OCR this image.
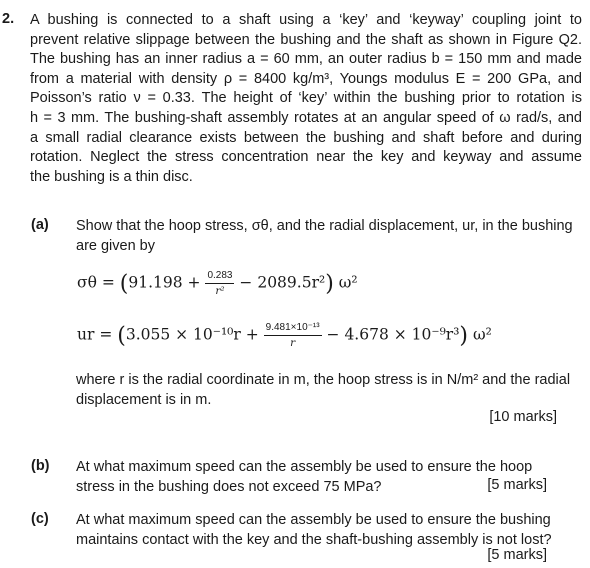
2. A bushing is connected to a shaft using a ‘key’ and ‘keyway’ coupling joint to
prevent relative slippage between the bushing and the shaft as shown in Figure Q2.
The bushing has an inner radius a = 60 mm, an outer radius b = 150 mm and made
from a material with density ρ = 8400 kg/m³, Youngs modulus E = 200 GPa, and
Poisson’s ratio ν = 0.33. The height of ‘key’ within the bushing prior to rotation is
h = 3 mm. The bushing-shaft assembly rotates at an angular speed of ω rad/s, and
a small radial clearance exists between the bushing and shaft before and during
rotation. Neglect the stress concentration near the key and keyway and assume
the bushing is a thin disc.
(a) Show that the hoop stress, σθ, and the radial displacement, ur, in the bushing
are given by
$\sigma\theta = (91.198 + \frac{0.283}{\text{r²}} - 2089.5r^2)$ ω²
ur = $(3.055 \times 10^{-10}r + \frac{\text{9.481×10⁻¹³}}{r} - 4.678 \times 10^{-9}r^3)$ ω²
where r is the radial coordinate in m, the hoop stress is in N/m² and the radial
displacement is in m.
[10 marks]
(b) At what maximum speed can the assembly be used to ensure the hoop
stress in the bushing does not exceed 75 MPa?	[5 marks]
(c) At what maximum speed can the assembly be used to ensure the bushing
maintains contact with the key and the shaft-bushing assembly is not lost?
[5 marks]
